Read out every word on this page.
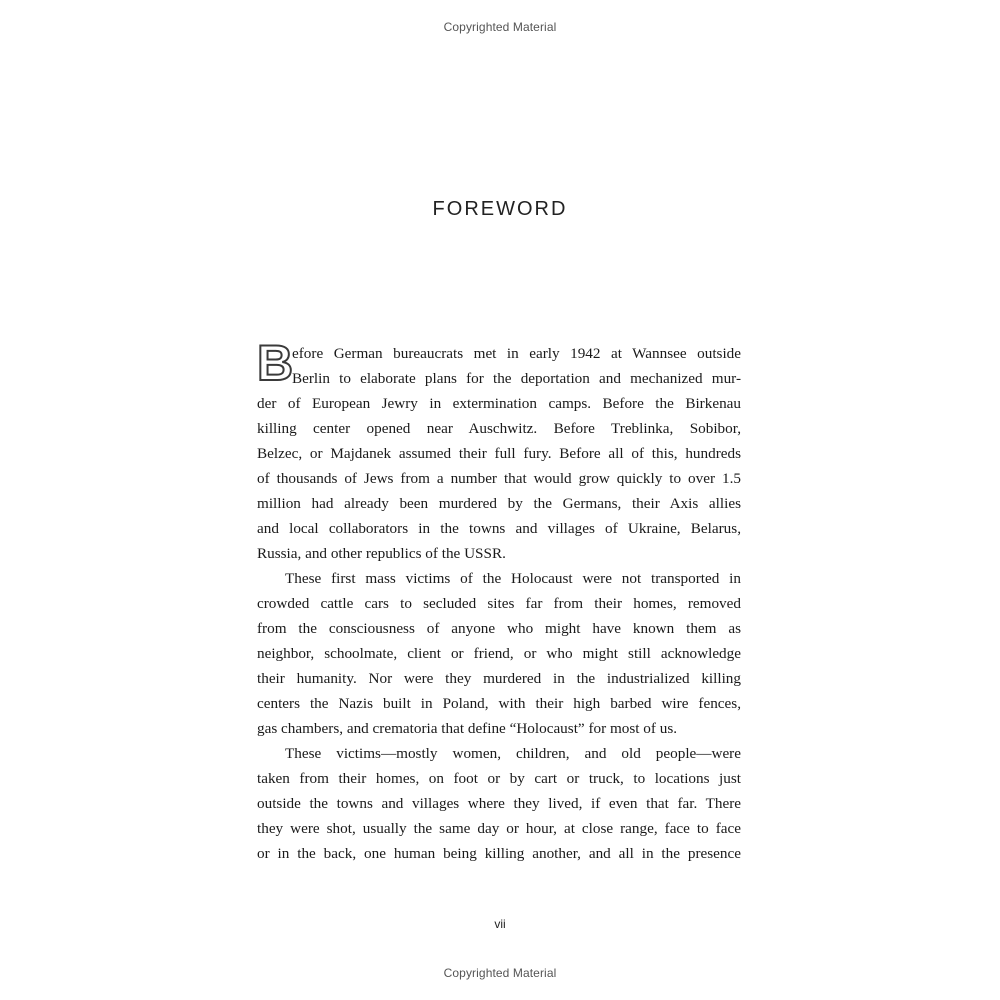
Copyrighted Material
FOREWORD
B
efore German bureaucrats met in early 1942 at Wannsee outside
Berlin to elaborate plans for the deportation and mechanized mur-
der of European Jewry in extermination camps. Before the Birkenau
killing center opened near Auschwitz. Before Treblinka, Sobibor,
Belzec, or Majdanek assumed their full fury. Before all of this, hundreds
of thousands of Jews from a number that would grow quickly to over 1.5
million had already been murdered by the Germans, their Axis allies
and local collaborators in the towns and villages of Ukraine, Belarus,
Russia, and other republics of the USSR.
These first mass victims of the Holocaust were not transported in
crowded cattle cars to secluded sites far from their homes, removed
from the consciousness of anyone who might have known them as
neighbor, schoolmate, client or friend, or who might still acknowledge
their humanity. Nor were they murdered in the industrialized killing
centers the Nazis built in Poland, with their high barbed wire fences,
gas chambers, and crematoria that define “Holocaust” for most of us.
These victims—mostly women, children, and old people—were
taken from their homes, on foot or by cart or truck, to locations just
outside the towns and villages where they lived, if even that far. There
they were shot, usually the same day or hour, at close range, face to face
or in the back, one human being killing another, and all in the presence
vii
Copyrighted Material
